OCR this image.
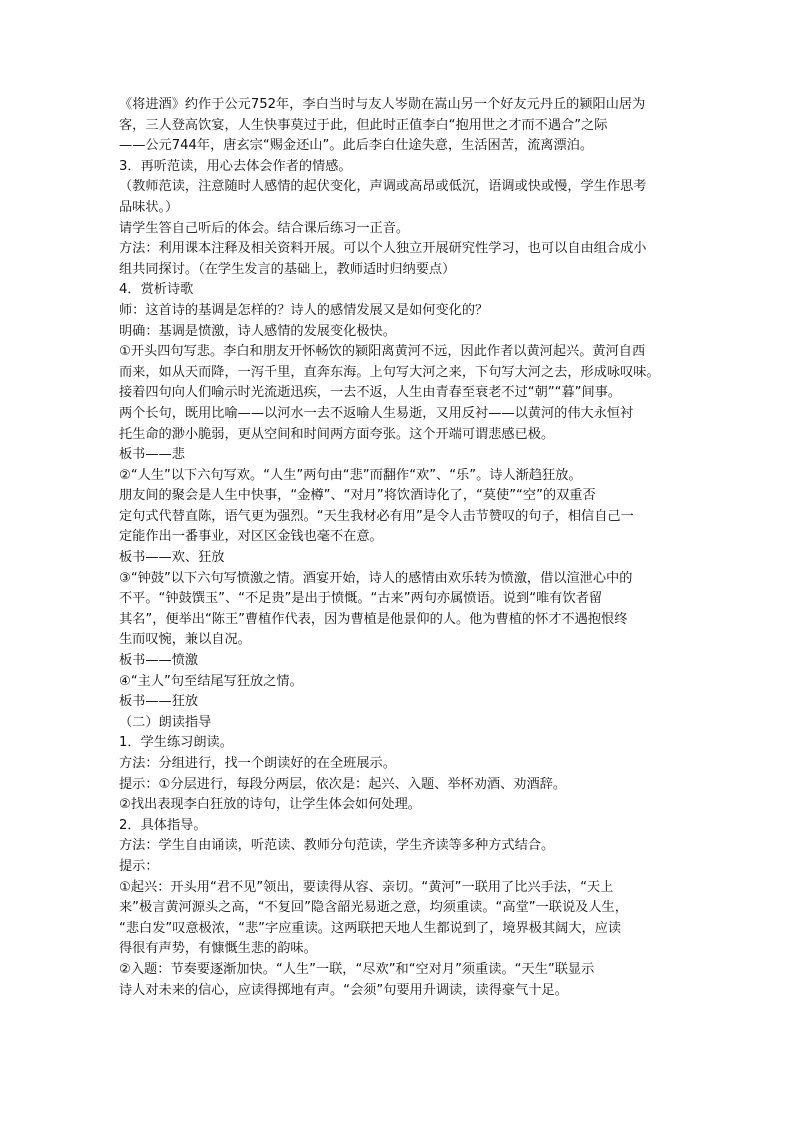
《将进酒》约作于公元752年，李白当时与友人岑勋在嵩山另一个好友元丹丘的颍阳山居为
客，三人登高饮宴，人生快事莫过于此，但此时正值李白“抱用世之才而不遇合”之际
——公元744年，唐玄宗“赐金还山”。此后李白仕途失意，生活困苦，流离漂泊。
3．再听范读，用心去体会作者的情感。
（教师范读，注意随时人感情的起伏变化，声调或高昂或低沉，语调或快或慢，学生作思考
品味状。）
请学生答自己听后的体会。结合课后练习一正音。
方法：利用课本注释及相关资料开展。可以个人独立开展研究性学习，也可以自由组合成小
组共同探讨。（在学生发言的基础上，教师适时归纳要点）
4．赏析诗歌
师：这首诗的基调是怎样的？诗人的感情发展又是如何变化的？
明确：基调是愤激，诗人感情的发展变化极快。
①开头四句写悲。李白和朋友开怀畅饮的颍阳离黄河不远，因此作者以黄河起兴。黄河自西
而来，如从天而降，一泻千里，直奔东海。上句写大河之来，下句写大河之去，形成咏叹味。
接着四句向人们喻示时光流逝迅疾，一去不返，人生由青春至衰老不过“朝”“暮”间事。
两个长句，既用比喻——以河水一去不返喻人生易逝，又用反衬——以黄河的伟大永恒衬
托生命的渺小脆弱，更从空间和时间两方面夸张。这个开端可谓悲感已极。
板书——悲
②“人生”以下六句写欢。“人生”两句由“悲”而翻作“欢”、“乐”。诗人渐趋狂放。
朋友间的聚会是人生中快事，“金樽”、“对月”将饮酒诗化了，“莫使”“空”的双重否
定句式代替直陈，语气更为强烈。“天生我材必有用”是令人击节赞叹的句子，相信自己一
定能作出一番事业，对区区金钱也毫不在意。
板书——欢、狂放
③“钟鼓”以下六句写愤激之情。酒宴开始，诗人的感情由欢乐转为愤激，借以渲泄心中的
不平。“钟鼓馔玉”、“不足贵”是出于愤慨。“古来”两句亦属愤语。说到“唯有饮者留
其名”，便举出“陈王”曹植作代表，因为曹植是他景仰的人。他为曹植的怀才不遇抱恨终
生而叹惋，兼以自况。
板书——愤激
④“主人”句至结尾写狂放之情。
板书——狂放
（二）朗读指导
1．学生练习朗读。
方法：分组进行，找一个朗读好的在全班展示。
提示：①分层进行，每段分两层，依次是：起兴、入题、举杯劝酒、劝酒辞。
②找出表现李白狂放的诗句，让学生体会如何处理。
2．具体指导。
方法：学生自由诵读，听范读、教师分句范读，学生齐读等多种方式结合。
提示：
①起兴：开头用“君不见”领出，要读得从容、亲切。“黄河”一联用了比兴手法，“天上
来”极言黄河源头之高，“不复回”隐含韶光易逝之意，均须重读。“高堂”一联说及人生，
“悲白发”叹意极浓，“悲”字应重读。这两联把天地人生都说到了，境界极其阔大，应读
得很有声势，有慷慨生悲的韵味。
②入题：节奏要逐渐加快。“人生”一联，“尽欢”和“空对月”须重读。“天生”联显示
诗人对未来的信心，应读得掷地有声。“会须”句要用升调读，读得豪气十足。
